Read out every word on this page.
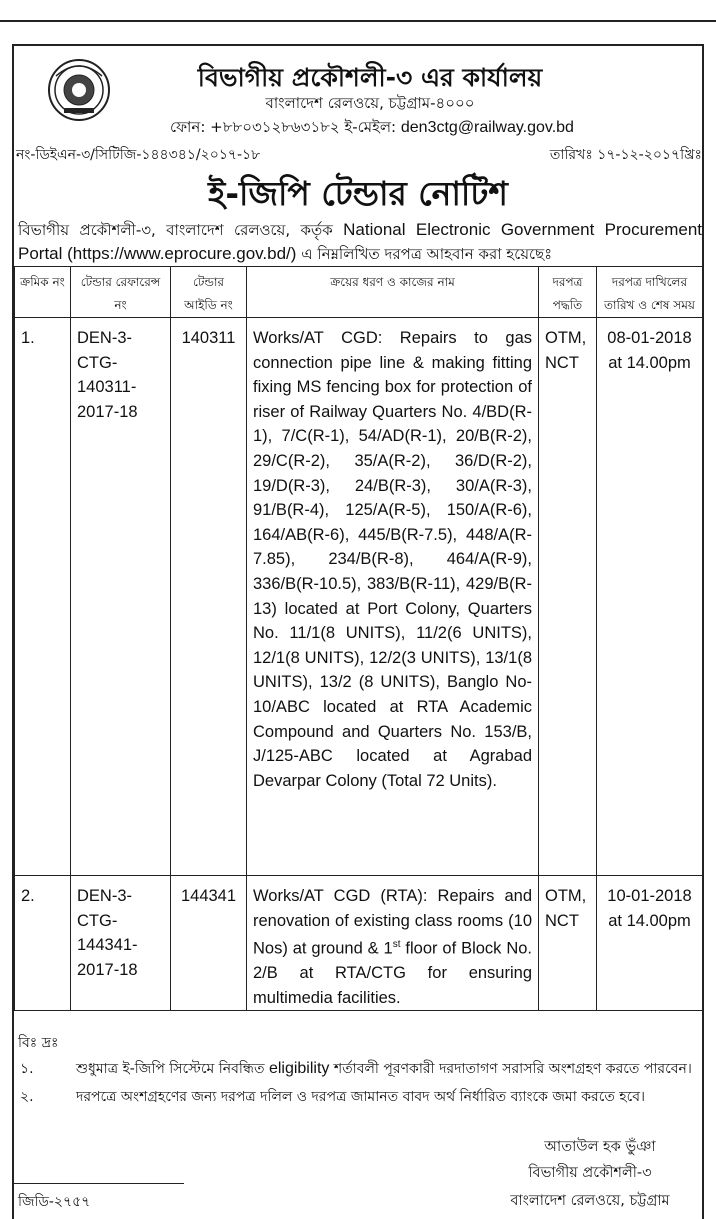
বিভাগীয় প্রকৌশলী-৩ এর কার্যালয়
বাংলাদেশ রেলওয়ে, চট্টগ্রাম-৪০০০
ফোন: +৮৮০৩১২৮৬৩১৮২ ই-মেইল: den3ctg@railway.gov.bd
নং-ডিইএন-৩/সিটিজি-১৪৪৩৪১/২০১৭-১৮	তারিখঃ ১৭-১২-২০১৭খ্রিঃ
ই-জিপি টেন্ডার নোটিশ
বিভাগীয় প্রকৌশলী-৩, বাংলাদেশ রেলওয়ে, কর্তৃক National Electronic Government Procurement Portal (https://www.eprocure.gov.bd/) এ নিম্নলিখিত দরপত্র আহবান করা হয়েছেঃ
ক্রমিক নং	টেন্ডার রেফারেন্স নং	টেন্ডার আইডি নং	ক্রয়ের ধরণ ও কাজের নাম	দরপত্র পদ্ধতি	দরপত্র দাখিলের তারিখ ও শেষ সময়
1.	DEN-3-CTG-140311-2017-18	140311	Works/AT CGD: Repairs to gas connection pipe line & making fitting fixing MS fencing box for protection of riser of Railway Quarters No. 4/BD(R-1), 7/C(R-1), 54/AD(R-1), 20/B(R-2), 29/C(R-2), 35/A(R-2), 36/D(R-2), 19/D(R-3), 24/B(R-3), 30/A(R-3), 91/B(R-4), 125/A(R-5), 150/A(R-6), 164/AB(R-6), 445/B(R-7.5), 448/A(R-7.85), 234/B(R-8), 464/A(R-9), 336/B(R-10.5), 383/B(R-11), 429/B(R-13) located at Port Colony, Quarters No. 11/1(8 UNITS), 11/2(6 UNITS), 12/1(8 UNITS), 12/2(3 UNITS), 13/1(8 UNITS), 13/2 (8 UNITS), Banglo No-10/ABC located at RTA Academic Compound and Quarters No. 153/B, J/125-ABC located at Agrabad Devarpar Colony (Total 72 Units).	OTM, NCT	08-01-2018 at 14.00pm
2.	DEN-3-CTG-144341-2017-18	144341	Works/AT CGD (RTA): Repairs and renovation of existing class rooms (10 Nos) at ground & 1st floor of Block No. 2/B at RTA/CTG for ensuring multimedia facilities.	OTM, NCT	10-01-2018 at 14.00pm
বিঃ দ্রঃ
১.	শুধুমাত্র ই-জিপি সিস্টেমে নিবন্ধিত eligibility শর্তাবলী পূরণকারী দরদাতাগণ সরাসরি অংশগ্রহণ করতে পারবেন।
২.	দরপত্রে অংশগ্রহণের জন্য দরপত্র দলিল ও দরপত্র জামানত বাবদ অর্থ নির্ধারিত ব্যাংকে জমা করতে হবে।
আতাউল হক ভুঁঞা
বিভাগীয় প্রকৌশলী-৩
বাংলাদেশ রেলওয়ে, চট্টগ্রাম
জিডি-২৭৫৭
